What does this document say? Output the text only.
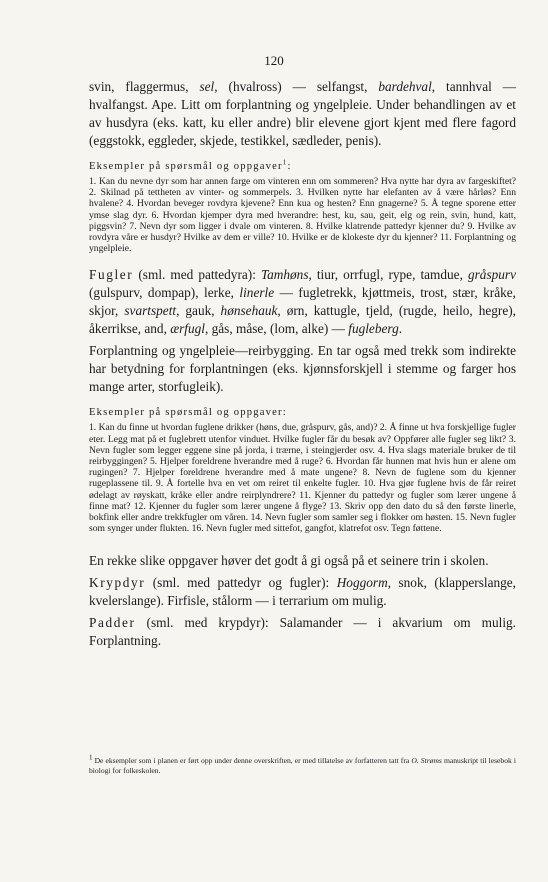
120

svin, flaggermus, sel, (hvalross) — selfangst, bardehval, tannhval — hvalfangst. Ape. Litt om forplantning og yngelpleie. Under behandlingen av et av husdyra (eks. katt, ku eller andre) blir elevene gjort kjent med flere fagord (eggstokk, eggleder, skjede, testikkel, sædleder, penis).

Eksempler på spørsmål og oppgaver$^1$:

1. Kan du nevne dyr som har annen farge om vinteren enn om sommeren? Hva nytte har dyra av fargeskiftet? 2. Skilnad på tettheten av vinter- og sommerpels. 3. Hvilken nytte har elefanten av å være hårløs? Enn hvalene? 4. Hvordan beveger rovdyra kjevene? Enn kua og hesten? Enn gnagerne? 5. Å tegne sporene etter ymse slag dyr. 6. Hvordan kjemper dyra med hverandre: hest, ku, sau, geit, elg og rein, svin, hund, katt, piggsvin? 7. Nevn dyr som ligger i dvale om vinteren. 8. Hvilke klatrende pattedyr kjenner du? 9. Hvilke av rovdyra våre er husdyr? Hvilke av dem er ville? 10. Hvilke er de klokeste dyr du kjenner? 11. Forplantning og yngelpleie.

Fugler (sml. med pattedyra): Tamhøns, tiur, orrfugl, rype, tamdue, gråspurv (gulspurv, dompap), lerke, linerle — fugletrekk, kjøttmeis, trost, stær, kråke, skjor, svartspett, gauk, hønsehauk, ørn, kattugle, tjeld, (rugde, heilo, hegre), åkerrikse, and, ærfugl, gås, måse, (lom, alke) — fugleberg.

Forplantning og yngelpleie—reirbygging. En tar også med trekk som indirekte har betydning for forplantningen (eks. kjønnsforskjell i stemme og farger hos mange arter, storfugleik).

Eksempler på spørsmål og oppgaver:

1. Kan du finne ut hvordan fuglene drikker (høns, due, gråspurv, gås, and)? 2. Å finne ut hva forskjellige fugler eter. Legg mat på et fuglebrett utenfor vinduet. Hvilke fugler får du besøk av? Oppfører alle fugler seg likt? 3. Nevn fugler som legger eggene sine på jorda, i trærne, i steingjerder osv. 4. Hva slags materiale bruker de til reirbyggingen? 5. Hjelper foreldrene hverandre med å ruge? 6. Hvordan får hunnen mat hvis hun er alene om rugingen? 7. Hjelper foreldrene hverandre med å mate ungene? 8. Nevn de fuglene som du kjenner rugeplassene til. 9. Å fortelle hva en vet om reiret til enkelte fugler. 10. Hva gjør fuglene hvis de får reiret ødelagt av røyskatt, kråke eller andre reirplyndrere? 11. Kjenner du pattedyr og fugler som lærer ungene å finne mat? 12. Kjenner du fugler som lærer ungene å flyge? 13. Skriv opp den dato du så den første linerle, bokfink eller andre trekkfugler om våren. 14. Nevn fugler som samler seg i flokker om høsten. 15. Nevn fugler som synger under flukten. 16. Nevn fugler med sittefot, gangfot, klatrefot osv. Tegn føttene.

En rekke slike oppgaver høver det godt å gi også på et seinere trin i skolen.

Krypdyr (sml. med pattedyr og fugler): Hoggorm, snok, (klapperslange, kvelerslange). Firfisle, stålorm — i terrarium om mulig.

Padder (sml. med krypdyr): Salamander — i akvarium om mulig. Forplantning.

$^1$ De eksempler som i planen er ført opp under denne overskriften, er med tillatelse av forfatteren tatt fra O. Strøms manuskript til lesebok i biologi for folkeskolen.
